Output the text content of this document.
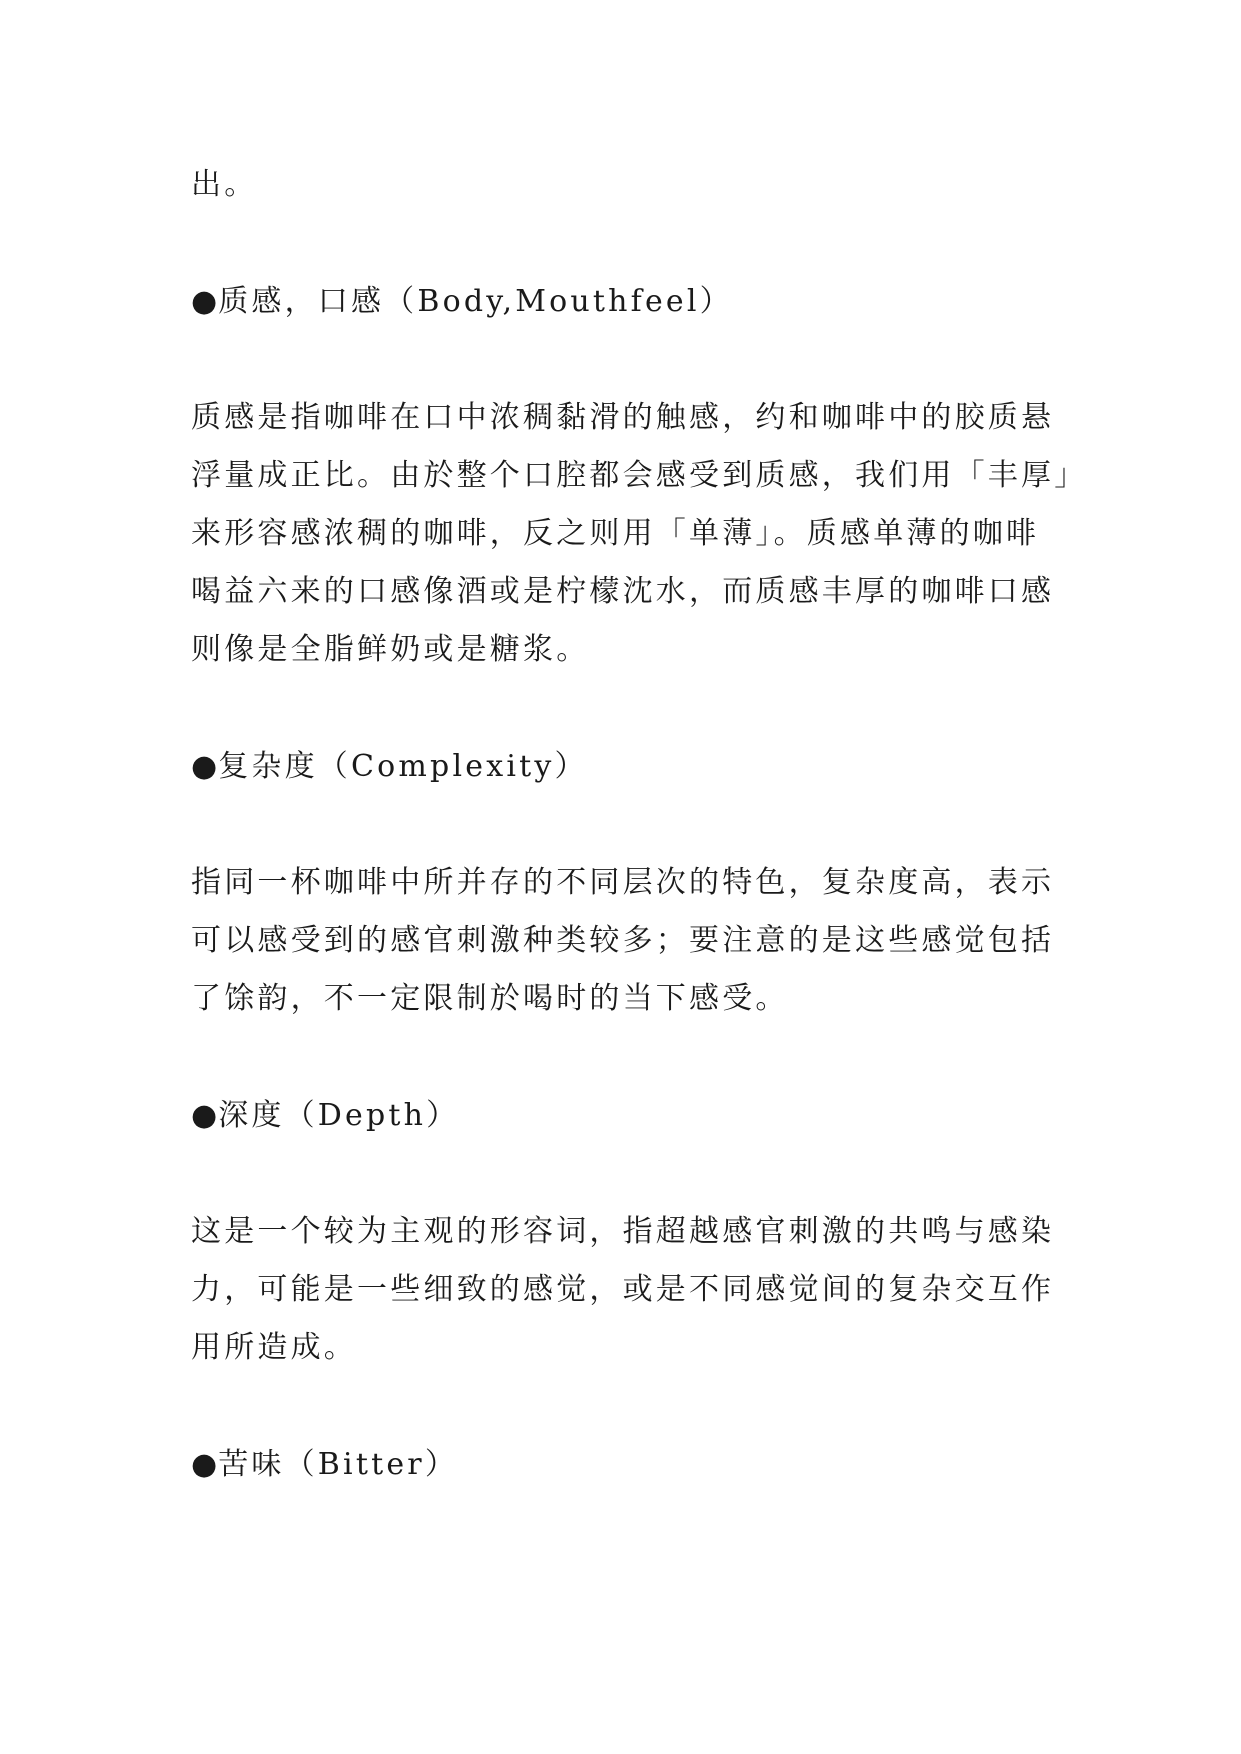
出。
●质感，口感（Body,Mouthfeel）
质感是指咖啡在口中浓稠黏滑的触感，约和咖啡中的胶质悬
浮量成正比。由於整个口腔都会感受到质感，我们用「丰厚」
来形容感浓稠的咖啡，反之则用「单薄」。质感单薄的咖啡
喝益六来的口感像酒或是柠檬沈水，而质感丰厚的咖啡口感
则像是全脂鲜奶或是糖浆。
●复杂度（Complexity）
指同一杯咖啡中所并存的不同层次的特色，复杂度高，表示
可以感受到的感官刺激种类较多；要注意的是这些感觉包括
了馀韵，不一定限制於喝时的当下感受。
●深度（Depth）
这是一个较为主观的形容词，指超越感官刺激的共鸣与感染
力，可能是一些细致的感觉，或是不同感觉间的复杂交互作
用所造成。
●苦味（Bitter）
